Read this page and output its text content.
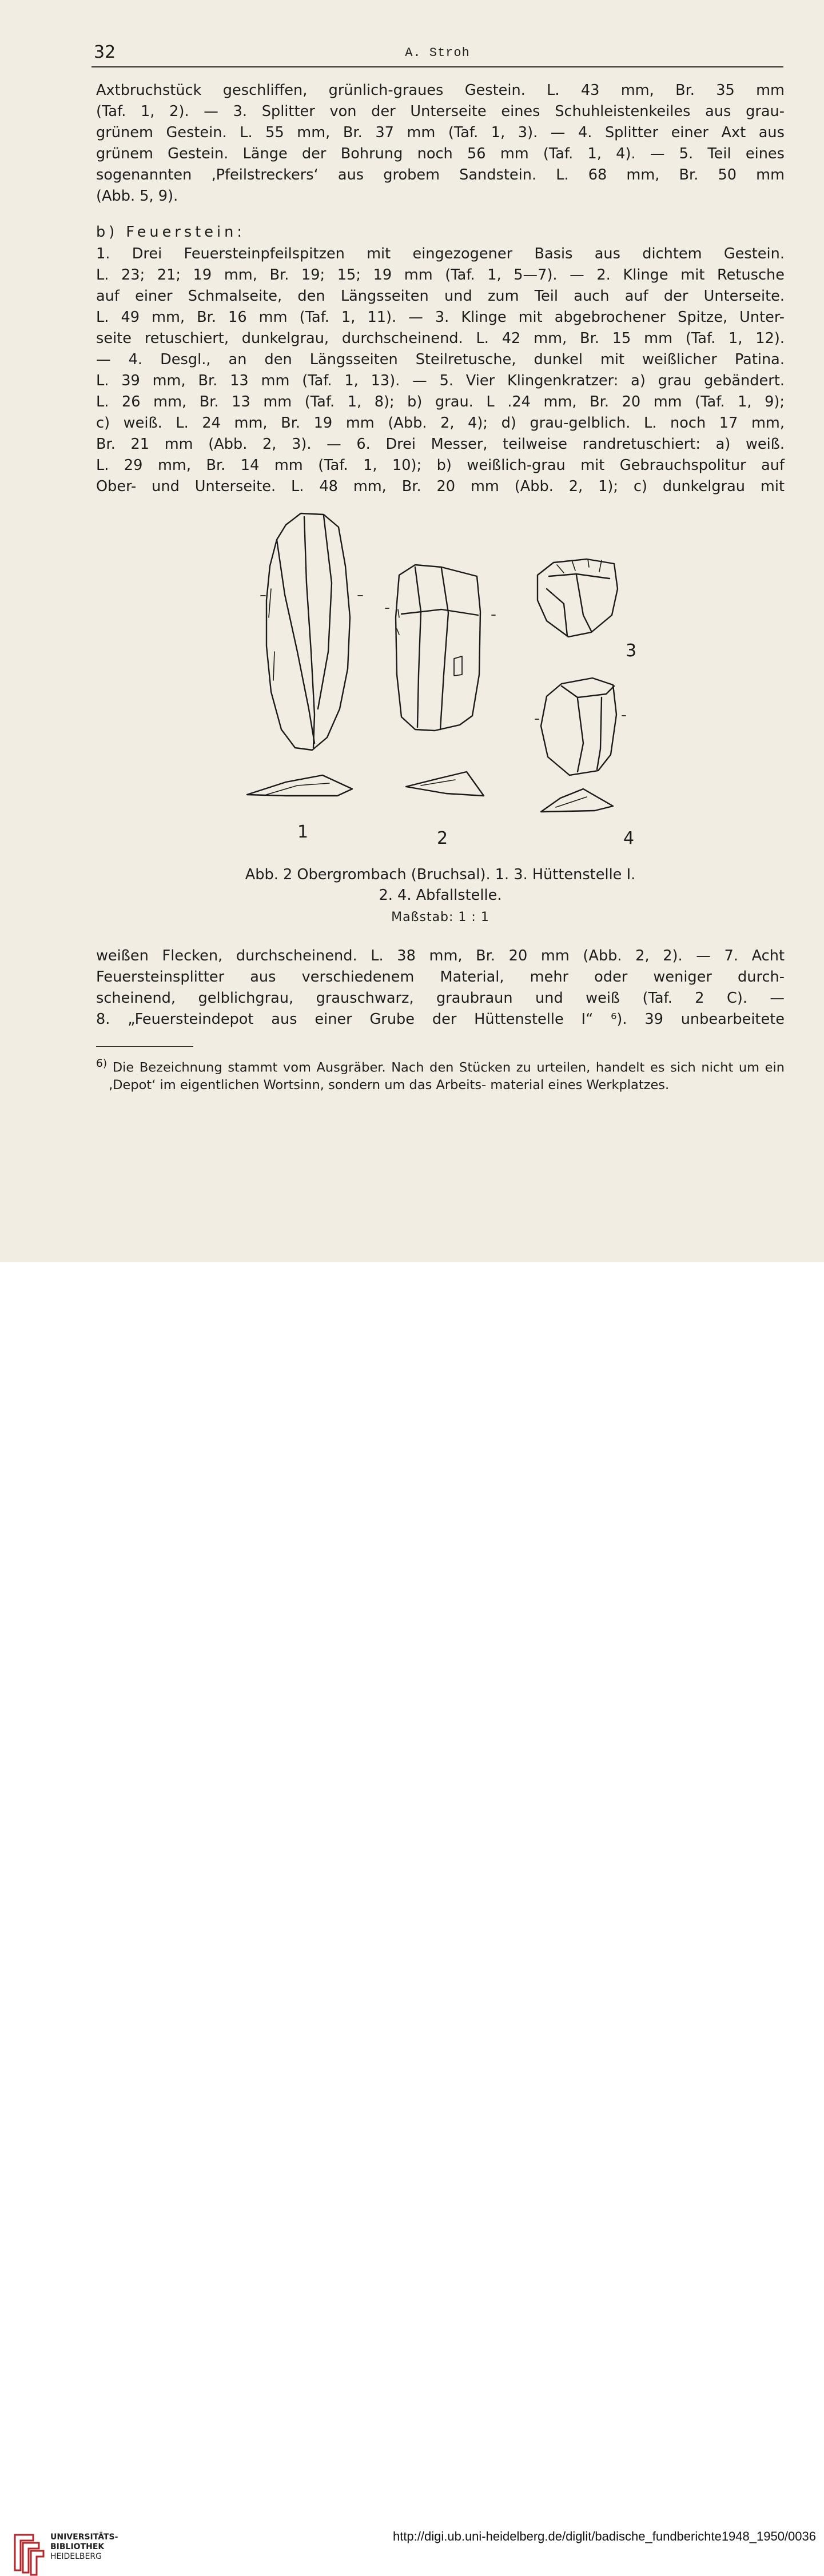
32	A. Stroh

Axtbruchstück geschliffen, grünlich-graues Gestein. L. 43 mm, Br. 35 mm

(Taf. 1, 2). — 3. Splitter von der Unterseite eines Schuhleistenkeiles aus grau-

grünem Gestein. L. 55 mm, Br. 37 mm (Taf. 1, 3). — 4. Splitter einer Axt aus

grünem Gestein. Länge der Bohrung noch 56 mm (Taf. 1, 4). — 5. Teil eines

sogenannten ‚Pfeilstreckers‘ aus grobem Sandstein. L. 68 mm, Br. 50 mm

(Abb. 5, 9).

b) Feuerstein:

1. Drei Feuersteinpfeilspitzen mit eingezogener Basis aus dichtem Gestein.

L. 23; 21; 19 mm, Br. 19; 15; 19 mm (Taf. 1, 5—7). — 2. Klinge mit Retusche

auf einer Schmalseite, den Längsseiten und zum Teil auch auf der Unterseite.

L. 49 mm, Br. 16 mm (Taf. 1, 11). — 3. Klinge mit abgebrochener Spitze, Unter-

seite retuschiert, dunkelgrau, durchscheinend. L. 42 mm, Br. 15 mm (Taf. 1, 12).

— 4. Desgl., an den Längsseiten Steilretusche, dunkel mit weißlicher Patina.

L. 39 mm, Br. 13 mm (Taf. 1, 13). — 5. Vier Klingenkratzer: a) grau gebändert.

L. 26 mm, Br. 13 mm (Taf. 1, 8); b) grau. L .24 mm, Br. 20 mm (Taf. 1, 9);

c) weiß. L. 24 mm, Br. 19 mm (Abb. 2, 4); d) grau-gelblich. L. noch 17 mm,

Br. 21 mm (Abb. 2, 3). — 6. Drei Messer, teilweise randretuschiert: a) weiß.

L. 29 mm, Br. 14 mm (Taf. 1, 10); b) weißlich-grau mit Gebrauchspolitur auf

Ober- und Unterseite. L. 48 mm, Br. 20 mm (Abb. 2, 1); c) dunkelgrau mit

1	2
3
4
Abb. 2 Obergrombach (Bruchsal). 1. 3. Hüttenstelle I.
2. 4. Abfallstelle.
Maßstab: 1 : 1

weißen Flecken, durchscheinend. L. 38 mm, Br. 20 mm (Abb. 2, 2). — 7. Acht

Feuersteinsplitter aus verschiedenem Material, mehr oder weniger durch-

scheinend, gelblichgrau, grauschwarz, graubraun und weiß (Taf. 2 C). —

8. „Feuersteindepot aus einer Grube der Hüttenstelle I“ ⁶). 39 unbearbeitete

$^{6)}$ Die Bezeichnung stammt vom Ausgräber. Nach den Stücken zu urteilen, handelt es sich nicht um ein ‚Depot‘ im eigentlichen Wortsinn, sondern um das Arbeits- material eines Werkplatzes.

UNIVERSITÄTS-
BIBLIOTHEK
HEIDELBERG
http://digi.ub.uni-heidelberg.de/diglit/badische_fundberichte1948_1950/0036
